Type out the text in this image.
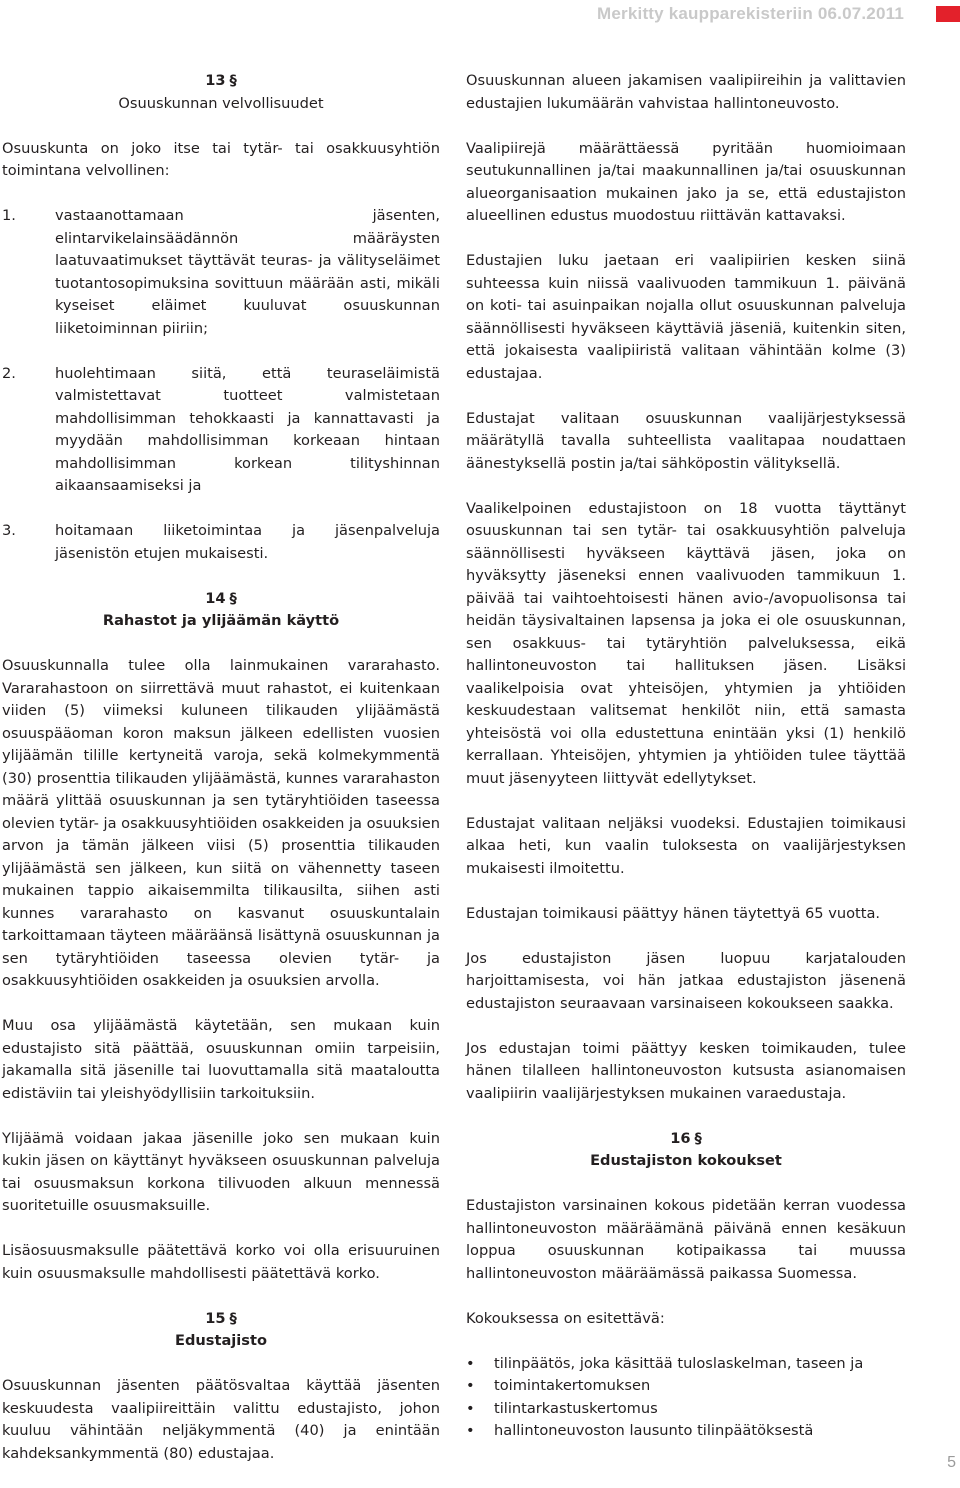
Merkitty kaupparekisteriin 06.07.2011
13 §
Osuuskunnan velvollisuudet

Osuuskunta on joko itse tai tytär- tai osakkuusyhtiön toimintana velvollinen:

1.	vastaanottamaan jäsenten, elintarvikelainsäädännön määräysten laatuvaatimukset täyttävät teuras- ja välityseläimet tuotantosopimuksina sovittuun määrään asti, mikäli kyseiset eläimet kuuluvat osuuskunnan liiketoiminnan piiriin;
2.	huolehtimaan siitä, että teuraseläimistä valmistettavat tuotteet valmistetaan mahdollisimman tehokkaasti ja kannattavasti ja myydään mahdollisimman korkeaan hintaan mahdollisimman korkean tilityshinnan aikaansaamiseksi ja
3.	hoitamaan liiketoimintaa ja jäsenpalveluja jäsenistön etujen mukaisesti.
14 §
Rahastot ja ylijäämän käyttö

Osuuskunnalla tulee olla lainmukainen vararahasto. Vararahastoon on siirrettävä muut rahastot, ei kuitenkaan viiden (5) viimeksi kuluneen tilikauden ylijäämästä osuuspääoman koron maksun jälkeen edellisten vuosien ylijäämän tilille kertyneitä varoja, sekä kolmekymmentä (30) prosenttia tilikauden ylijäämästä, kunnes vararahaston määrä ylittää osuuskunnan ja sen tytäryhtiöiden taseessa olevien tytär- ja osakkuusyhtiöiden osakkeiden ja osuuksien arvon ja tämän jälkeen viisi (5) prosenttia tilikauden ylijäämästä sen jälkeen, kun siitä on vähennetty taseen mukainen tappio aikaisemmilta tilikausilta, siihen asti kunnes vararahasto on kasvanut osuuskuntalain tarkoittamaan täyteen määräänsä lisättynä osuuskunnan ja sen tytäryhtiöiden taseessa olevien tytär- ja osakkuusyhtiöiden osakkeiden ja osuuksien arvolla.

Muu osa ylijäämästä käytetään, sen mukaan kuin edustajisto sitä päättää, osuuskunnan omiin tarpeisiin, jakamalla sitä jäsenille tai luovuttamalla sitä maataloutta edistäviin tai yleishyödyllisiin tarkoituksiin.

Ylijäämä voidaan jakaa jäsenille joko sen mukaan kuin kukin jäsen on käyttänyt hyväkseen osuuskunnan palveluja tai osuusmaksun korkona tilivuoden alkuun mennessä suoritetuille osuusmaksuille.

Lisäosuusmaksulle päätettävä korko voi olla erisuuruinen kuin osuusmaksulle mahdollisesti päätettävä korko.

15 §
Edustajisto

Osuuskunnan jäsenten päätösvaltaa käyttää jäsenten keskuudesta vaalipiireittäin valittu edustajisto, johon kuuluu vähintään neljäkymmentä (40) ja enintään kahdeksankymmentä (80) edustajaa.

Osuuskunnan alueen jakamisen vaalipiireihin ja valittavien edustajien lukumäärän vahvistaa hallintoneuvosto.

Vaalipiirejä määrättäessä pyritään huomioimaan seutukunnallinen ja/tai maakunnallinen ja/tai osuuskunnan alueorganisaation mukainen jako ja se, että edustajiston alueellinen edustus muodostuu riittävän kattavaksi.

Edustajien luku jaetaan eri vaalipiirien kesken siinä suhteessa kuin niissä vaalivuoden tammikuun 1. päivänä on koti- tai asuinpaikan nojalla ollut osuuskunnan palveluja säännöllisesti hyväkseen käyttäviä jäseniä, kuitenkin siten, että jokaisesta vaalipiiristä valitaan vähintään kolme (3) edustajaa.

Edustajat valitaan osuuskunnan vaalijärjestyksessä määrätyllä tavalla suhteellista vaalitapaa noudattaen äänestyksellä postin ja/tai sähköpostin välityksellä.

Vaalikelpoinen edustajistoon on 18 vuotta täyttänyt osuuskunnan tai sen tytär- tai osakkuusyhtiön palveluja säännöllisesti hyväkseen käyttävä jäsen, joka on hyväksytty jäseneksi ennen vaalivuoden tammikuun 1. päivää tai vaihtoehtoisesti hänen avio-/avopuolisonsa tai heidän täysivaltainen lapsensa ja joka ei ole osuuskunnan, sen osakkuus- tai tytäryhtiön palveluksessa, eikä hallintoneuvoston tai hallituksen jäsen. Lisäksi vaalikelpoisia ovat yhteisöjen, yhtymien ja yhtiöiden keskuudestaan valitsemat henkilöt niin, että samasta yhteisöstä voi olla edustettuna enintään yksi (1) henkilö kerrallaan. Yhteisöjen, yhtymien ja yhtiöiden tulee täyttää muut jäsenyyteen liittyvät edellytykset.

Edustajat valitaan neljäksi vuodeksi. Edustajien toimikausi alkaa heti, kun vaalin tuloksesta on vaalijärjestyksen mukaisesti ilmoitettu.

Edustajan toimikausi päättyy hänen täytettyä 65 vuotta.

Jos edustajiston jäsen luopuu karjatalouden harjoittamisesta, voi hän jatkaa edustajiston jäsenenä edustajiston seuraavaan varsinaiseen kokoukseen saakka.

Jos edustajan toimi päättyy kesken toimikauden, tulee hänen tilalleen hallintoneuvoston kutsusta asianomaisen vaalipiirin vaalijärjestyksen mukainen varaedustaja.

16 §
Edustajiston kokoukset

Edustajiston varsinainen kokous pidetään kerran vuodessa hallintoneuvoston määräämänä päivänä ennen kesäkuun loppua osuuskunnan kotipaikassa tai muussa hallintoneuvoston määräämässä paikassa Suomessa.

Kokouksessa on esitettävä:

• tilinpäätös, joka käsittää tuloslaskelman, taseen ja
• toimintakertomuksen
• tilintarkastuskertomus
• hallintoneuvoston lausunto tilinpäätöksestä
5
